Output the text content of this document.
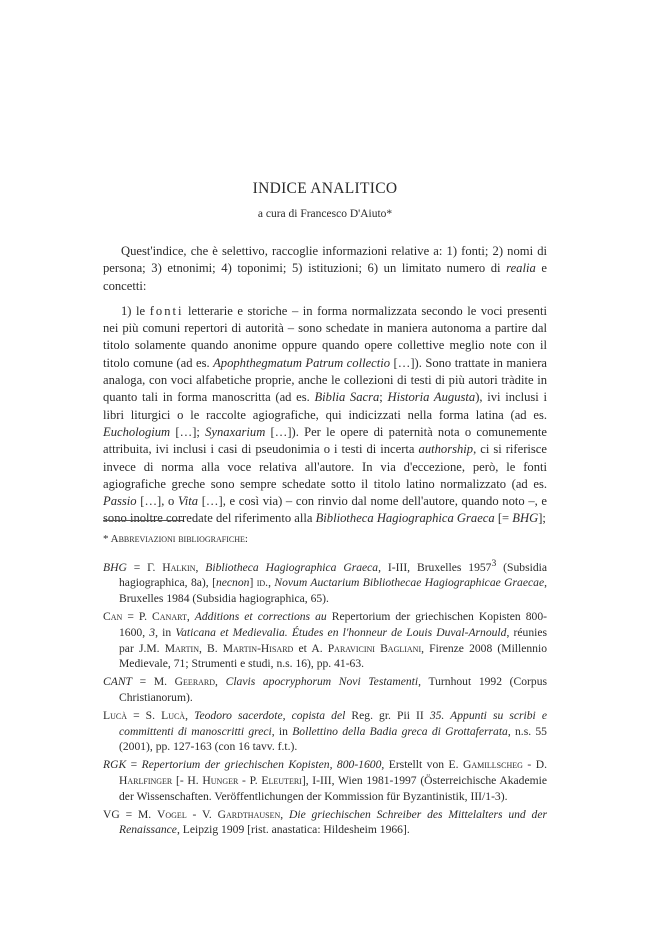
INDICE ANALITICO
a cura di Francesco D'Aiuto*

Quest'indice, che è selettivo, raccoglie informazioni relative a: 1) fonti; 2) nomi di persona; 3) etnonimi; 4) toponimi; 5) istituzioni; 6) un limitato numero di realia e concetti:

1) le fonti letterarie e storiche – in forma normalizzata secondo le voci presenti nei più comuni repertori di autorità – sono schedate in maniera autonoma a partire dal titolo solamente quando anonime oppure quando opere collettive meglio note con il titolo comune (ad es. Apophthegmatum Patrum collectio […]). Sono trattate in maniera analoga, con voci alfabetiche proprie, anche le collezioni di testi di più autori tràdite in quanto tali in forma manoscritta (ad es. Biblia Sacra; Historia Augusta), ivi inclusi i libri liturgici o le raccolte agiografiche, qui indicizzati nella forma latina (ad es. Euchologium […]; Synaxarium […]). Per le opere di paternità nota o comunemente attribuita, ivi inclusi i casi di pseudonimia o i testi di incerta authorship, ci si riferisce invece di norma alla voce relativa all'autore. In via d'eccezione, però, le fonti agiografiche greche sono sempre schedate sotto il titolo latino normalizzato (ad es. Passio […], o Vita […], e così via) – con rinvio dal nome dell'autore, quando noto –, e sono inoltre corredate del riferimento alla Bibliotheca Hagiographica Graeca [= BHG];

* Abbreviazioni bibliografiche:
BHG = Γ. Halkin, Bibliotheca Hagiographica Graeca, I-III, Bruxelles 1957$^3$ (Subsidia hagiographica, 8a), [necnon] id., Novum Auctarium Bibliothecae Hagiographicae Graecae, Bruxelles 1984 (Subsidia hagiographica, 65).
Can = P. Canart, Additions et corrections au Repertorium der griechischen Kopisten 800-1600, 3, in Vaticana et Medievalia. Études en l'honneur de Louis Duval-Arnould, réunies par J.M. Martin, B. Martin-Hisard et A. Paravicini Bagliani, Firenze 2008 (Millennio Medievale, 71; Strumenti e studi, n.s. 16), pp. 41-63.
CANT = M. Geerard, Clavis apocryphorum Novi Testamenti, Turnhout 1992 (Corpus Christianorum).
Lucà = S. Lucà, Teodoro sacerdote, copista del Reg. gr. Pii II 35. Appunti su scribi e committenti di manoscritti greci, in Bollettino della Badia greca di Grottaferrata, n.s. 55 (2001), pp. 127-163 (con 16 tavv. f.t.).
RGK = Repertorium der griechischen Kopisten, 800-1600, Erstellt von E. Gamillscheg - D. Harlfinger [- H. Hunger - P. Eleuteri], I-III, Wien 1981-1997 (Österreichische Akademie der Wissenschaften. Veröffentlichungen der Kommission für Byzantinistik, III/1-3).
VG = M. Vogel - V. Gardthausen, Die griechischen Schreiber des Mittelalters und der Renaissance, Leipzig 1909 [rist. anastatica: Hildesheim 1966].
